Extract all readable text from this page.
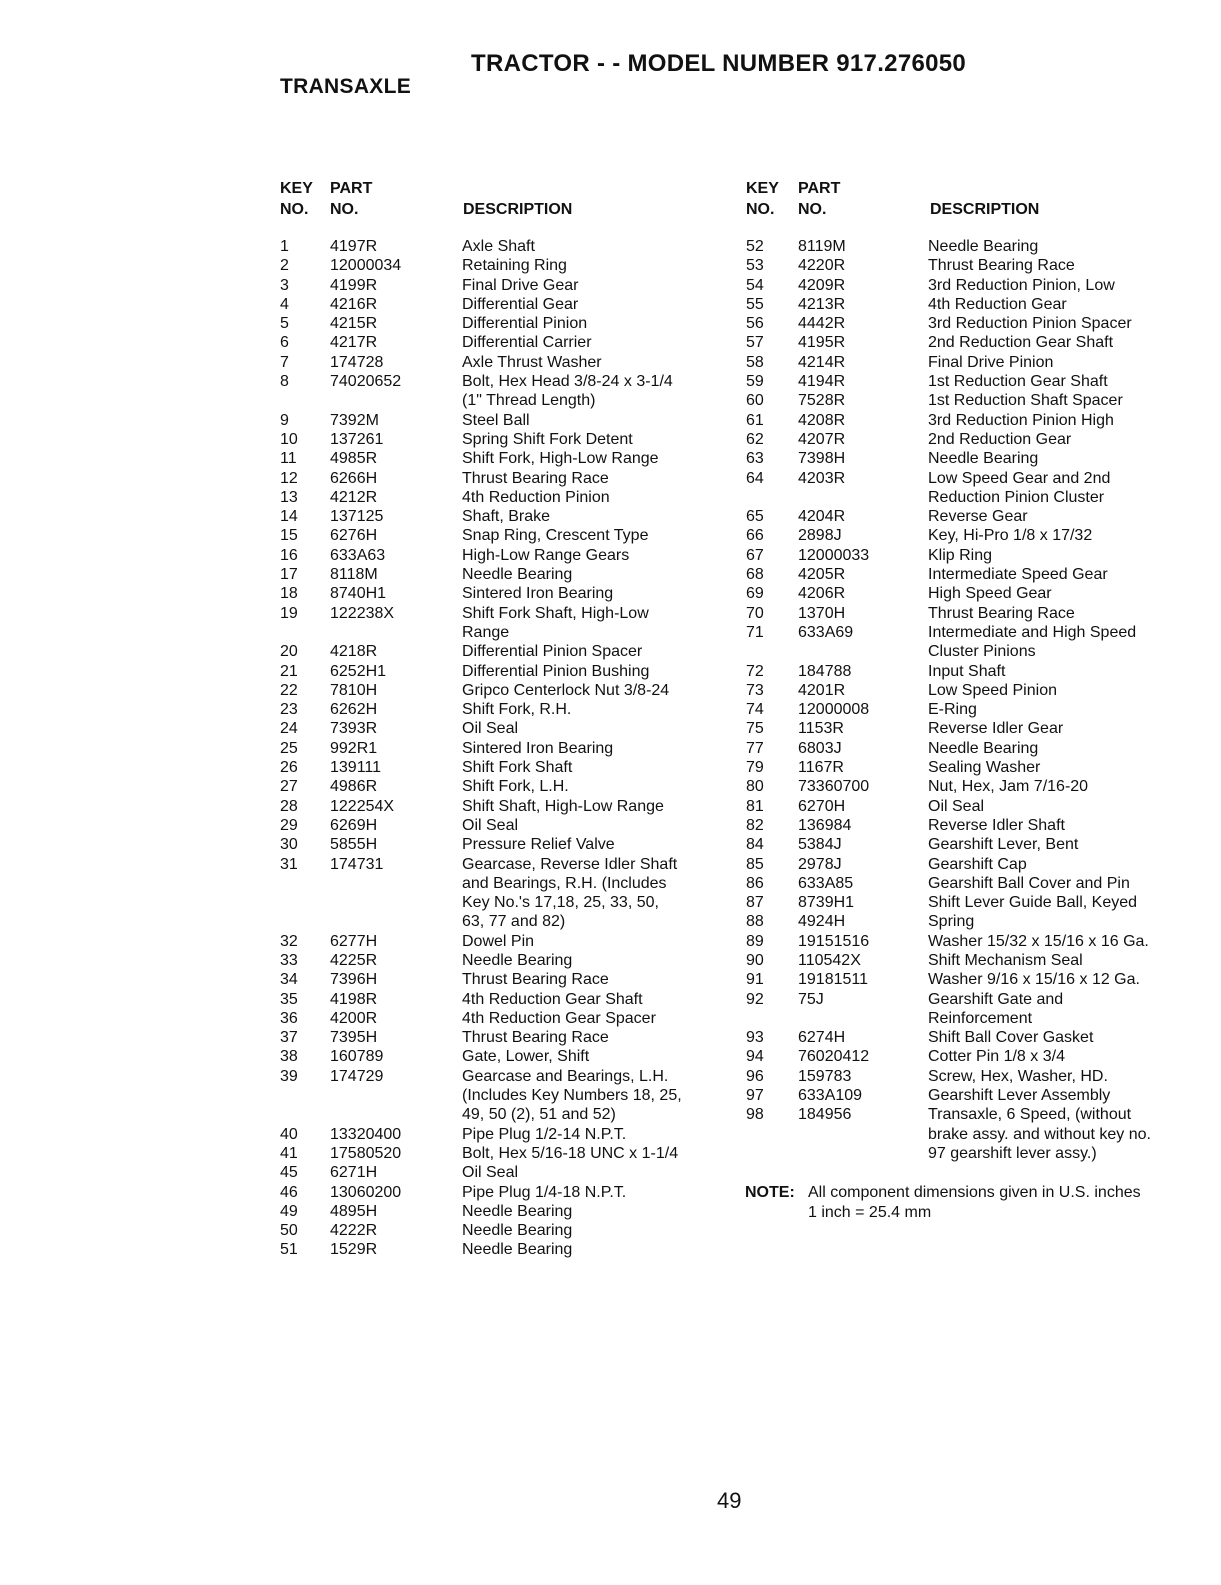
TRACTOR - - MODEL NUMBER 917.276050
TRANSAXLE
KEY
NO.
PART
NO.	DESCRIPTION
1	4197R	Axle Shaft
2	12000034	Retaining Ring
3	4199R	Final Drive Gear
4	4216R	Differential Gear
5	4215R	Differential Pinion
6	4217R	Differential Carrier
7	174728	Axle Thrust Washer
8	74020652	Bolt, Hex Head 3/8-24 x 3-1/4
(1" Thread Length)
9	7392M	Steel Ball
10 137261	Spring Shift Fork Detent
11 4985R	Shift Fork, High-Low Range
12 6266H	Thrust Bearing Race
13 4212R	4th Reduction Pinion
14 137125	Shaft, Brake
15 6276H	Snap Ring, Crescent Type
16 633A63	High-Low Range Gears
17 8118M	Needle Bearing
18 8740H1	Sintered Iron Bearing
19 122238X	Shift Fork Shaft, High-Low
Range
20 4218R	Differential Pinion Spacer
21 6252H1	Differential Pinion Bushing
22 7810H	Gripco Centerlock Nut 3/8-24
23 6262H	Shift Fork, R.H.
24 7393R	Oil Seal
25 992R1	Sintered Iron Bearing
26 139111	Shift Fork Shaft
27 4986R	Shift Fork, L.H.
28 122254X	Shift Shaft, High-Low Range
29 6269H	Oil Seal
30 5855H	Pressure Relief Valve
31 174731	Gearcase, Reverse Idler Shaft
and Bearings, R.H. (Includes
Key No.'s 17,18, 25, 33, 50,
63, 77 and 82)
32 6277H	Dowel Pin
33 4225R	Needle Bearing
34 7396H	Thrust Bearing Race
35 4198R	4th Reduction Gear Shaft
36 4200R	4th Reduction Gear Spacer
37 7395H	Thrust Bearing Race
38 160789	Gate, Lower, Shift
39 174729	Gearcase and Bearings, L.H.
(Includes Key Numbers 18, 25,
49, 50 (2), 51 and 52)
40 13320400	Pipe Plug 1/2-14 N.P.T.
41 17580520	Bolt, Hex 5/16-18 UNC x 1-1/4
45 6271H	Oil Seal
46 13060200	Pipe Plug 1/4-18 N.P.T.
49 4895H	Needle Bearing
50 4222R	Needle Bearing
51 1529R	Needle Bearing
KEY
NO.
PART
NO.	DESCRIPTION
52 8119M	Needle Bearing
53 4220R	Thrust Bearing Race
54 4209R	3rd Reduction Pinion, Low
55 4213R	4th Reduction Gear
56 4442R	3rd Reduction Pinion Spacer
57 4195R	2nd Reduction Gear Shaft
58 4214R	Final Drive Pinion
59 4194R	1st Reduction Gear Shaft
60 7528R	1st Reduction Shaft Spacer
61 4208R	3rd Reduction Pinion High
62 4207R	2nd Reduction Gear
63 7398H	Needle Bearing
64 4203R	Low Speed Gear and 2nd
Reduction Pinion Cluster
65 4204R	Reverse Gear
66 2898J	Key, Hi-Pro 1/8 x 17/32
67 12000033	Klip Ring
68 4205R	Intermediate Speed Gear
69 4206R	High Speed Gear
70 1370H	Thrust Bearing Race
71 633A69	Intermediate and High Speed
Cluster Pinions
72 184788	Input Shaft
73 4201R	Low Speed Pinion
74 12000008	E-Ring
75 1153R	Reverse Idler Gear
77 6803J	Needle Bearing
79 1167R	Sealing Washer
80 73360700	Nut, Hex, Jam 7/16-20
81 6270H	Oil Seal
82 136984	Reverse Idler Shaft
84 5384J	Gearshift Lever, Bent
85 2978J	Gearshift Cap
86 633A85	Gearshift Ball Cover and Pin
87 8739H1	Shift Lever Guide Ball, Keyed
88 4924H	Spring
89 19151516	Washer 15/32 x 15/16 x 16 Ga.
90 110542X	Shift Mechanism Seal
91 19181511	Washer 9/16 x 15/16 x 12 Ga.
92 75J	Gearshift Gate and
Reinforcement
93 6274H	Shift Ball Cover Gasket
94 76020412	Cotter Pin 1/8 x 3/4
96 159783	Screw, Hex, Washer, HD.
97 633A109	Gearshift Lever Assembly
98 184956	Transaxle, 6 Speed, (without
brake assy. and without key no.
97 gearshift lever assy.)
NOTE: All component dimensions given in U.S. inches
1 inch = 25.4 mm
49
